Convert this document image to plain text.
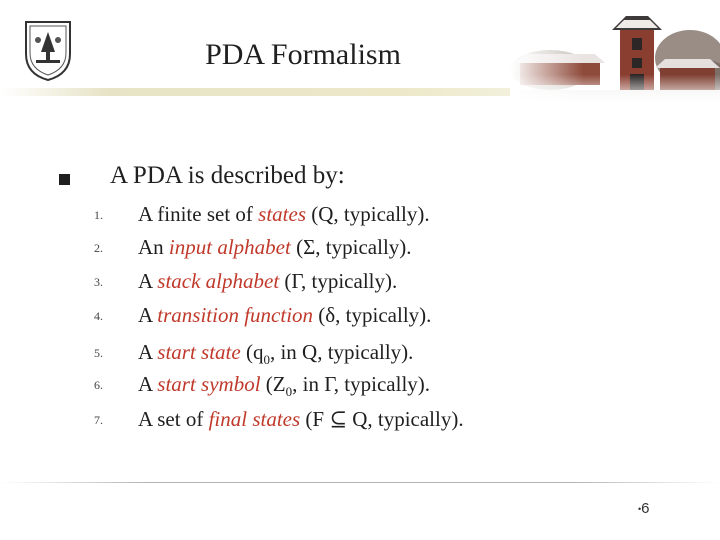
PDA Formalism
A PDA is described by:
1.	A finite set of states (Q, typically).
2.	An input alphabet (Σ, typically).
3.	A stack alphabet (Γ, typically).
4.	A transition function (δ, typically).
5.	A start state ($q_0$, in Q, typically).
6.	A start symbol ($Z_0$, in Γ, typically).
7.	A set of final states (F ⊆ Q, typically).
•6
